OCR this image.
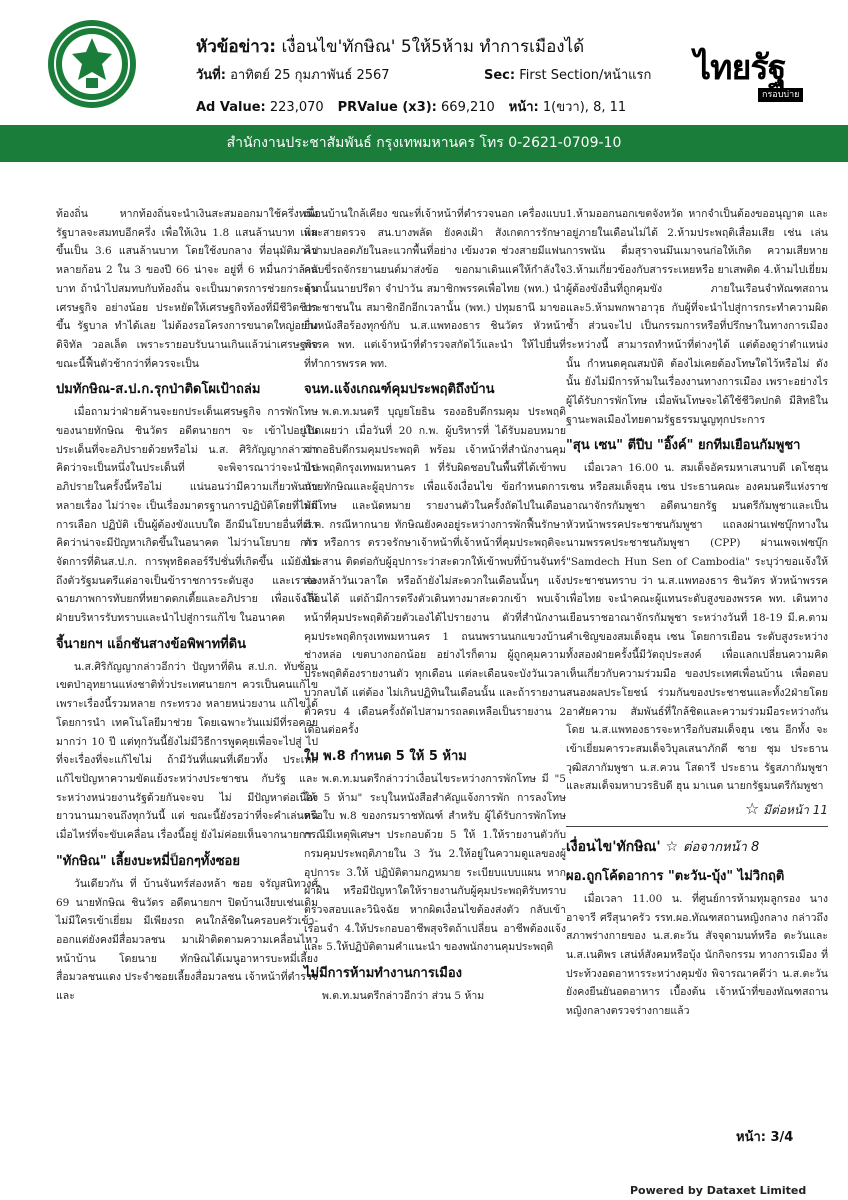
หัวข้อข่าว: เงื่อนไข'ทักษิณ' 5ให้5ห้าม ทำการเมืองได้
วันที่: อาทิตย์ 25 กุมภาพันธ์ 2567	Sec: First Section/หน้าแรก
Ad Value: 223,070 PRValue (x3): 669,210 หน้า: 1(ขวา), 8, 11
ไทยรัฐ
กรอบบ่าย
สำนักงานประชาสัมพันธ์ กรุงเทพมหานคร โทร 0-2621-0709-10

ท้องถิ่น หากท้องถิ่นจะนำเงินสะสมออกมาใช้ครึ่งหนึ่ง รัฐบาลจะสมทบอีกครึ่ง เพื่อให้เงิน 1.8 แสนล้านบาท เพิ่มขึ้นเป็น 3.6 แสนล้านบาท โดยใช้งบกลาง ที่อนุมัติมาไปหลายก้อน 2 ใน 3 ของปี 66 น่าจะ อยู่ที่ 6 หมื่นกว่าล้านบาท ถ้านำไปสมทบกับท้องถิ่น จะเป็นมาตรการช่วยกระตุ้นเศรษฐกิจ อย่างน้อย ประหยัดให้เศรษฐกิจท้องที่มีชีวิตชีวาขึ้น รัฐบาล ทำได้เลย ไม่ต้องรอโครงการขนาดใหญ่อย่างดิจิทัล วอลเล็ต เพราะรายอบรับนานเกินแล้วน่าเศรษฐกิจ ขณะนี้ฟื้นตัวช้ากว่าที่ควรจะเป็น

ปมทักษิณ-ส.ป.ก.รุกป่าติดโผเป้าถล่ม

เมื่อถามว่าฝ่ายค้านจะยกประเด็นเศรษฐกิจ การพักโทษของนายทักษิณ ชินวัตร อดีตนายกฯ จะ เข้าไปอยู่ในประเด็นที่จะอภิปรายด้วยหรือไม่ น.ส. ศิริกัญญากล่าวว่า คิดว่าจะเป็นหนึ่งในประเด็นที่ จะพิจารณาว่าจะนำไปอภิปรายในครั้งนี้หรือไม่ แน่นอนว่ามีความเกี่ยวพันกับหลายเรื่อง ไม่ว่าจะ เป็นเรื่องมาตรฐานการปฏิบัติโดยที่ไม่มีการเลือก ปฏิบัติ เป็นผู้ต้องขังแบบใด อีกมีนโยบายอื่นที่เรา คิดว่าน่าจะมีปัญหาเกิดขึ้นในอนาคต ไม่ว่านโยบาย การจัดการที่ดินส.ป.ก. การพุทธิดลอร์รีปชั่นที่เกิดขึ้น แม้ยังไม่ถึงตัวรัฐมนตรีแต่อาจเป็นข้าราชการระดับสูง และเราจะฉายภาพการทับยกที่หยาดตกเตี้ยและอภิปราย เพื่อแจ้งให้ฝ่ายบริหารรับทราบและนำไปสู่การแก้ไข ในอนาคต

จี้นายกฯ แอ็กชันสางข้อพิพาทที่ดิน

น.ส.ศิริกัญญากล่าวอีกว่า ปัญหาที่ดิน ส.ป.ก. ทับซ้อนเขตป่าอุทยานแห่งชาติทั่วประเทศนายกฯ ควรเป็นคนแก้ไข เพราะเรื่องนี้รวมหลาย กระทรวง หลายหน่วยงาน แก้ไขได้โดยการนำ เทคโนโลยีมาช่วย โดยเฉพาะวันแม่มีที่รอคอยมากว่า 10 ปี แต่ทุกวันนี้ยังไม่มีวิธีการพูดคุยเพื่อจะไปสู่ ไปที่จะเรื่องที่จะแก้ไขไม่ ถ้ามีวันที่แผนที่เดียวทั้ง ประเทศแก้ไขปัญหาความขัดแย้งระหว่างประชาชน กับรัฐ และระหว่างหน่วยงานรัฐด้วยกันจะจบ ไม่ มีปัญหาต่อเนื่องยาวนานมาจนถึงทุกวันนี้ แต่ ขณะนี้ยังรอว่าที่จะคำเล่นคนเมื่อไหร่ที่จะขับเคลื่อน เรื่องนี้อยู่ ยังไม่ค่อยเห็นจากนายกฯ

"ทักษิณ" เลี้ยงบะหมี่ป็อกๆทั้งซอย

วันเดียวกัน ที่ บ้านจันทร์ส่องหล้า ซอย จรัญสนิทวงศ์ 69 นายทักษิณ ชินวัตร อดีตนายกฯ ปิดบ้านเงียบเช่นเดิม ไม่มีใครเข้าเยี่ยม มีเพียงรถ คนใกล้ชิดในครอบครัวเข้า-ออกแต่ยังคงมีสื่อมวลชน มาเฝ้าติดตามความเคลื่อนไหวหน้าบ้าน โดยนาย ทักษิณได้เมนูอาหารบะหมี่เลี้ยงสื่อมวลชนแดง ประจำซอยเลี้ยงสื่อมวลชน เจ้าหน้าที่ตำรวจและ

เพื่อนบ้านใกล้เคียง ขณะที่เจ้าหน้าที่ตำรวจนอก เครื่องแบบและสายตรวจ สน.บางพลัด ยังคงเฝ้า สังเกตการรักษาความปลอดภัยในละแวกพื้นที่อย่าง เข้มงวด ช่วงสายมีแฟนคลับขี่รถจักรยานยนต์มาส่งข้อ ขอกมาเดินแค่ให้กำลังใจ จากนั้นนายปรีดา จำปาวัน สมาชิกพรรคเพื่อไทย (พท.) นำประชาชนใน สมาชิกอีกอีกเวลานั้น (พท.) ปทุมธานี มาขอ ยื่นหนังสือร้องทุกข์กับ น.ส.แพทองธาร ชินวัตร หัวหน้าพรรค พท. แต่เจ้าหน้าที่ตำรวจสกัดไว้และนำ ให้ไปยื่นที่ที่ทำการพรรค พท.

จนท.แจ้งเกณฑ์คุมประพฤติถึงบ้าน

พ.ต.ท.มนตรี บุญยโยธิน รองอธิบดีกรมคุม ประพฤติ เปิดเผยว่า เมื่อวันที่ 20 ก.พ. ผู้บริหารที่ ได้รับมอบหมายจากอธิบดีกรมคุมประพฤติ พร้อม เจ้าหน้าที่สำนักงานคุมประพฤติกรุงเทพมหานคร 1 ที่รับผิดชอบในพื้นที่ได้เข้าพบนายทักษิณและผู้อุปการะ เพื่อแจ้งเงื่อนไข ข้อกำหนดการพักโทษ และนัดหมาย รายงานตัวในครั้งถัดไปในเดือน มี.ค. กรณีหากนาย ทักษิณยังคงอยู่ระหว่างการพักฟื้นรักษาตัว หรือการ ตรวจรักษาเจ้าหน้าที่เจ้าหน้าที่คุมประพฤติจะประสาน ติดต่อกับผู้อุปการะว่าสะดวกให้เข้าพบที่บ้านจันทร์ ส่องหล้าวันเวลาใด หรือถ้ายังไม่สะดวกในเดือนนั้นๆ แจ้งเลื่อนได้ แต่ถ้ามีการตรึงตัวเดินทางมาสะดวกเข้า พบเจ้าหน้าที่คุมประพฤติด้วยตัวเองได้ไปรายงาน ตัวที่สำนักงานคุมประพฤติกรุงเทพมหานคร 1 ถนนพรานนกแขวงบ้านช่างหล่อ เขตบางกอกน้อย อย่างไรก็ตาม ผู้ถูกคุมความประพฤติต้องรายงานตัว ทุกเดือน แต่ละเดือนจะบังวันเวลาบวกลบได้ แต่ต้อง ไม่เกินปฏิทินในเดือนนั้น และถ้ารายงานตัวครบ 4 เดือนครั้งถัดไปสามารถลดเหลือเป็นรายงาน 2 เดือนต่อครั้ง

ใบ พ.8 กำหนด 5 ให้ 5 ห้าม

พ.ต.ท.มนตรีกล่าวว่าเงื่อนไขระหว่างการพักโทษ มี "5 ให้ 5 ห้าม" ระบุในหนังสือสำคัญแจ้งการพัก การลงโทษหรือใบ พ.8 ของกรมราชทัณฑ์ สำหรับ ผู้ได้รับการพักโทษกรณีมีเหตุพิเศษฯ ประกอบด้วย 5 ให้ 1.ให้รายงานตัวกับกรมคุมประพฤติภายใน 3 วัน 2.ให้อยู่ในความดูแลของผู้อุปการะ 3.ให้ ปฏิบัติตามกฎหมาย ระเบียบแบบแผน หากฝ่าฝืน หรือมีปัญหาใดให้รายงานกับผู้คุมประพฤติรับทราบ ตรวจสอบและวินิจฉัย หากผิดเงื่อนไขต้องส่งตัว กลับเข้าเรือนจำ 4.ให้ประกอบอาชีพสุจริตถ้าเปลี่ยน อาชีพต้องแจ้ง และ 5.ให้ปฏิบัติตามคำแนะนำ ของพนักงานคุมประพฤติ

ไม่มีการห้ามทำงานการเมือง

พ.ต.ท.มนตรีกล่าวอีกว่า ส่วน 5 ห้าม

1.ห้ามออกนอกเขตจังหวัด หากจำเป็นต้องขออนุญาต และอยู่ภายในเดือนไม่ได้ 2.ห้ามประพฤติเสื่อมเสีย เช่น เล่นการพนัน ดื่มสุราจนมึนเมาจนก่อให้เกิด ความเสียหาย 3.ห้ามเกี่ยวข้องกับสารระเหยหรือ ยาเสพติด 4.ห้ามไปเยี่ยมผู้ต้องขังอื่นที่ถูกคุมขัง ภายในเรือนจำทัณฑสถาน และ5.ห้ามพกพาอาวุธ กับผู้ที่จะนำไปสู่การกระทำความผิดซ้ำ ส่วนจะไป เป็นกรรมการหรือที่ปรึกษาในทางการเมืองระหว่างนี้ สามารถทำหน้าที่ต่างๆได้ แต่ต้องดูว่าตำแหน่งนั้น กำหนดคุณสมบัติ ต้องไม่เคยต้องโทษใดไว้หรือไม่ ดังนั้น ยังไม่มีการห้ามในเรื่องงานทางการเมือง เพราะอย่างไร ผู้ได้รับการพักโทษ เมื่อพ้นโทษจะได้ใช้ชีวิตปกติ มีสิทธิในฐานะพลเมืองไทยตามรัฐธรรมนูญทุกประการ

"สุน เซน" ตีปีบ "อิ๊งค์" ยกทีมเยือนกัมพูชา

เมื่อเวลา 16.00 น. สมเด็จอัครมหาเสนาบดี เดโชฮุน เซน หรือสมเด็จฮุน เซน ประธานคณะ องคมนตรีแห่งราชอาณาจักรกัมพูชา อดีตนายกรัฐ มนตรีกัมพูชาและเป็นหัวหน้าพรรคประชาชนกัมพูชา แถลงผ่านเฟซบุ๊กทางในนามพรรคประชาชนกัมพูชา (CPP) ผ่านเพจเฟซบุ๊ก "Samdech Hun Sen of Cambodia" ระบุว่าขอแจ้งให้ประชาชนทราบ ว่า น.ส.แพทองธาร ชินวัตร หัวหน้าพรรคเพื่อไทย จะนำคณะผู้แทนระดับสูงของพรรค พท. เดินทาง เยือนราชอาณาจักรกัมพูชา ระหว่างวันที่ 18-19 มี.ค.ตามคำเชิญของสมเด็จฮุน เซน โดยการเยือน ระดับสูงระหว่างทั้งสองฝ่ายครั้งนี้มีวัตถุประสงค์ เพื่อแลกเปลี่ยนความคิดเห็นเกี่ยวกับความร่วมมือ ของประเทศเพื่อนบ้าน เพื่อตอบสนองผลประโยชน์ ร่วมกันของประชาชนและทั้ง2ฝ่ายโดยอาศัยความ สัมพันธ์ที่ใกล้ชิดและความร่วมมือระหว่างกัน โดย น.ส.แพทองธารจะหารือกับสมเด็จฮุน เซน อีกทั้ง จะเข้าเยี่ยมคารวะสมเด็จวิบุลเสนาภักดี ซาย ชุม ประธานวุฒิสภากัมพูชา น.ส.ควน โสดารี ประธาน รัฐสภากัมพูชา และสมเด็จมหาบวรธิบดี ฮุน มาเนต นายกรัฐมนตรีกัมพูชา

☆ มีต่อหน้า 11
เงื่อนไข'ทักษิณ' ☆ ต่อจากหน้า 8
ผอ.ถูกโค้ดอาการ "ตะวัน-บุ้ง" ไม่วิกฤติ

เมื่อเวลา 11.00 น. ที่ศูนย์การห้ามทุมลูกรอง นางอาจารี ศรีสุนาครัว รรท.ผอ.ทัณฑสถานหญิงกลาง กล่าวถึงสภาพร่างกายของ น.ส.ตะวัน สัจจุดามนท์หรือ ตะวันและน.ส.เนติพร เสน่ห์สังคมหรือบุ้ง นักกิจกรรม ทางการเมือง ที่ประท้วงอดอาหารระหว่างคุมขัง พิจารณาคดีว่า น.ส.ตะวันยังคงยืนยันอดอาหาร เบื้องต้น เจ้าหน้าที่ของทัณฑสถานหญิงกลางตรวจร่างกายแล้ว

หน้า: 3/4
Powered by Dataxet Limited
